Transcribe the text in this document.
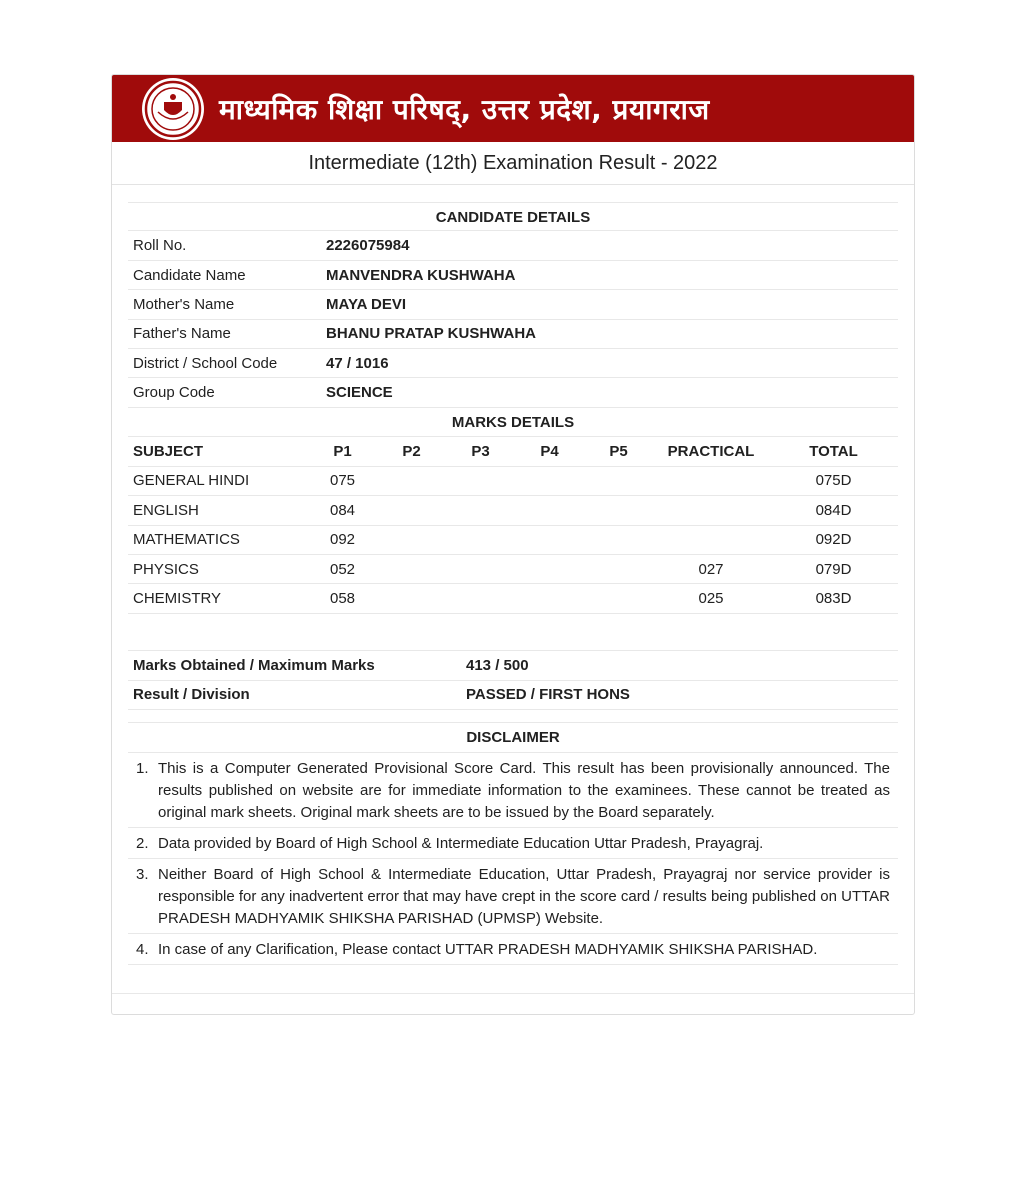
माध्यमिक शिक्षा परिषद्, उत्तर प्रदेश, प्रयागराज
Intermediate (12th) Examination Result - 2022
CANDIDATE DETAILS
Roll No.	2226075984
Candidate Name	MANVENDRA KUSHWAHA
Mother's Name	MAYA DEVI
Father's Name	BHANU PRATAP KUSHWAHA
District / School Code	47 / 1016
Group Code	SCIENCE
MARKS DETAILS
SUBJECT	P1	P2	P3	P4	P5	PRACTICAL	TOTAL
GENERAL HINDI	075						075D
ENGLISH	084						084D
MATHEMATICS	092						092D
PHYSICS	052					027	079D
CHEMISTRY	058					025	083D
Marks Obtained / Maximum Marks	413 / 500
Result / Division	PASSED / FIRST HONS
DISCLAIMER
1. This is a Computer Generated Provisional Score Card. This result has been provisionally announced. The results published on website are for immediate information to the examinees. These cannot be treated as original mark sheets. Original mark sheets are to be issued by the Board separately.
2. Data provided by Board of High School & Intermediate Education Uttar Pradesh, Prayagraj.
3. Neither Board of High School & Intermediate Education, Uttar Pradesh, Prayagraj nor service provider is responsible for any inadvertent error that may have crept in the score card / results being published on UTTAR PRADESH MADHYAMIK SHIKSHA PARISHAD (UPMSP) Website.
4. In case of any Clarification, Please contact UTTAR PRADESH MADHYAMIK SHIKSHA PARISHAD.
